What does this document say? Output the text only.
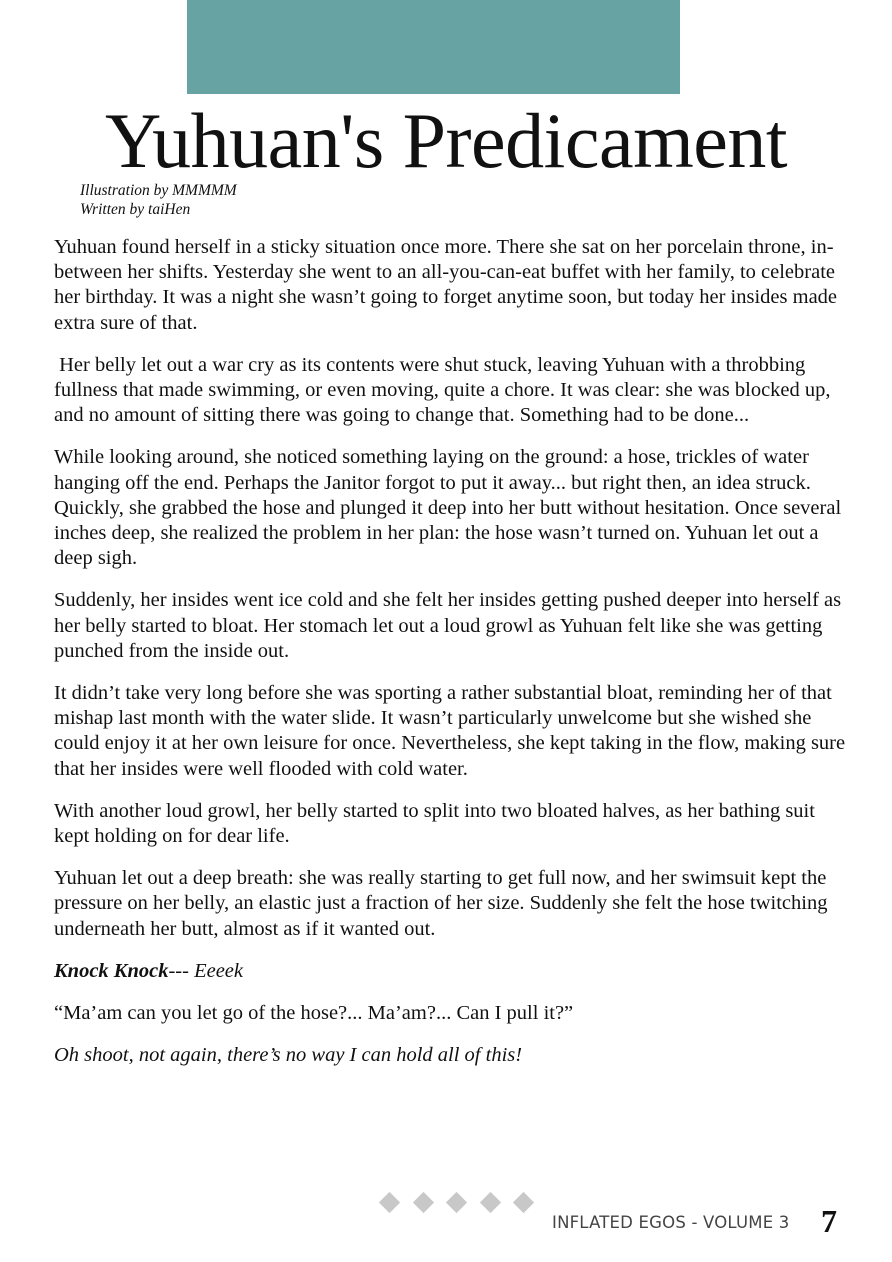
Yuhuan's Predicament
Illustration by MMMMM
Written by taiHen

Yuhuan found herself in a sticky situation once more. There she sat on her porcelain throne, in-between her shifts. Yesterday she went to an all-you-can-eat buffet with her family, to celebrate her birthday. It was a night she wasn’t going to forget anytime soon, but today her insides made extra sure of that.

Her belly let out a war cry as its contents were shut stuck, leaving Yuhuan with a throbbing fullness that made swimming, or even moving, quite a chore. It was clear: she was blocked up, and no amount of sitting there was going to change that. Something had to be done...

While looking around, she noticed something laying on the ground: a hose, trickles of water hanging off the end. Perhaps the Janitor forgot to put it away... but right then, an idea struck.

Quickly, she grabbed the hose and plunged it deep into her butt without hesitation. Once several inches deep, she realized the problem in her plan: the hose wasn’t turned on. Yuhuan let out a deep sigh.

Suddenly, her insides went ice cold and she felt her insides getting pushed deeper into herself as her belly started to bloat. Her stomach let out a loud growl as Yuhuan felt like she was getting punched from the inside out.

It didn’t take very long before she was sporting a rather substantial bloat, reminding her of that mishap last month with the water slide. It wasn’t particularly unwelcome but she wished she could enjoy it at her own leisure for once. Nevertheless, she kept taking in the flow, making sure that her insides were well flooded with cold water.

With another loud growl, her belly started to split into two bloated halves, as her bathing suit kept holding on for dear life.

Yuhuan let out a deep breath: she was really starting to get full now, and her swimsuit kept the pressure on her belly, an elastic just a fraction of her size. Suddenly she felt the hose twitching underneath her butt, almost as if it wanted out.

Knock Knock--- Eeeek

“Ma’am can you let go of the hose?... Ma’am?... Can I pull it?”

Oh shoot, not again, there’s no way I can hold all of this!

INFLATED EGOS - VOLUME 3 7
